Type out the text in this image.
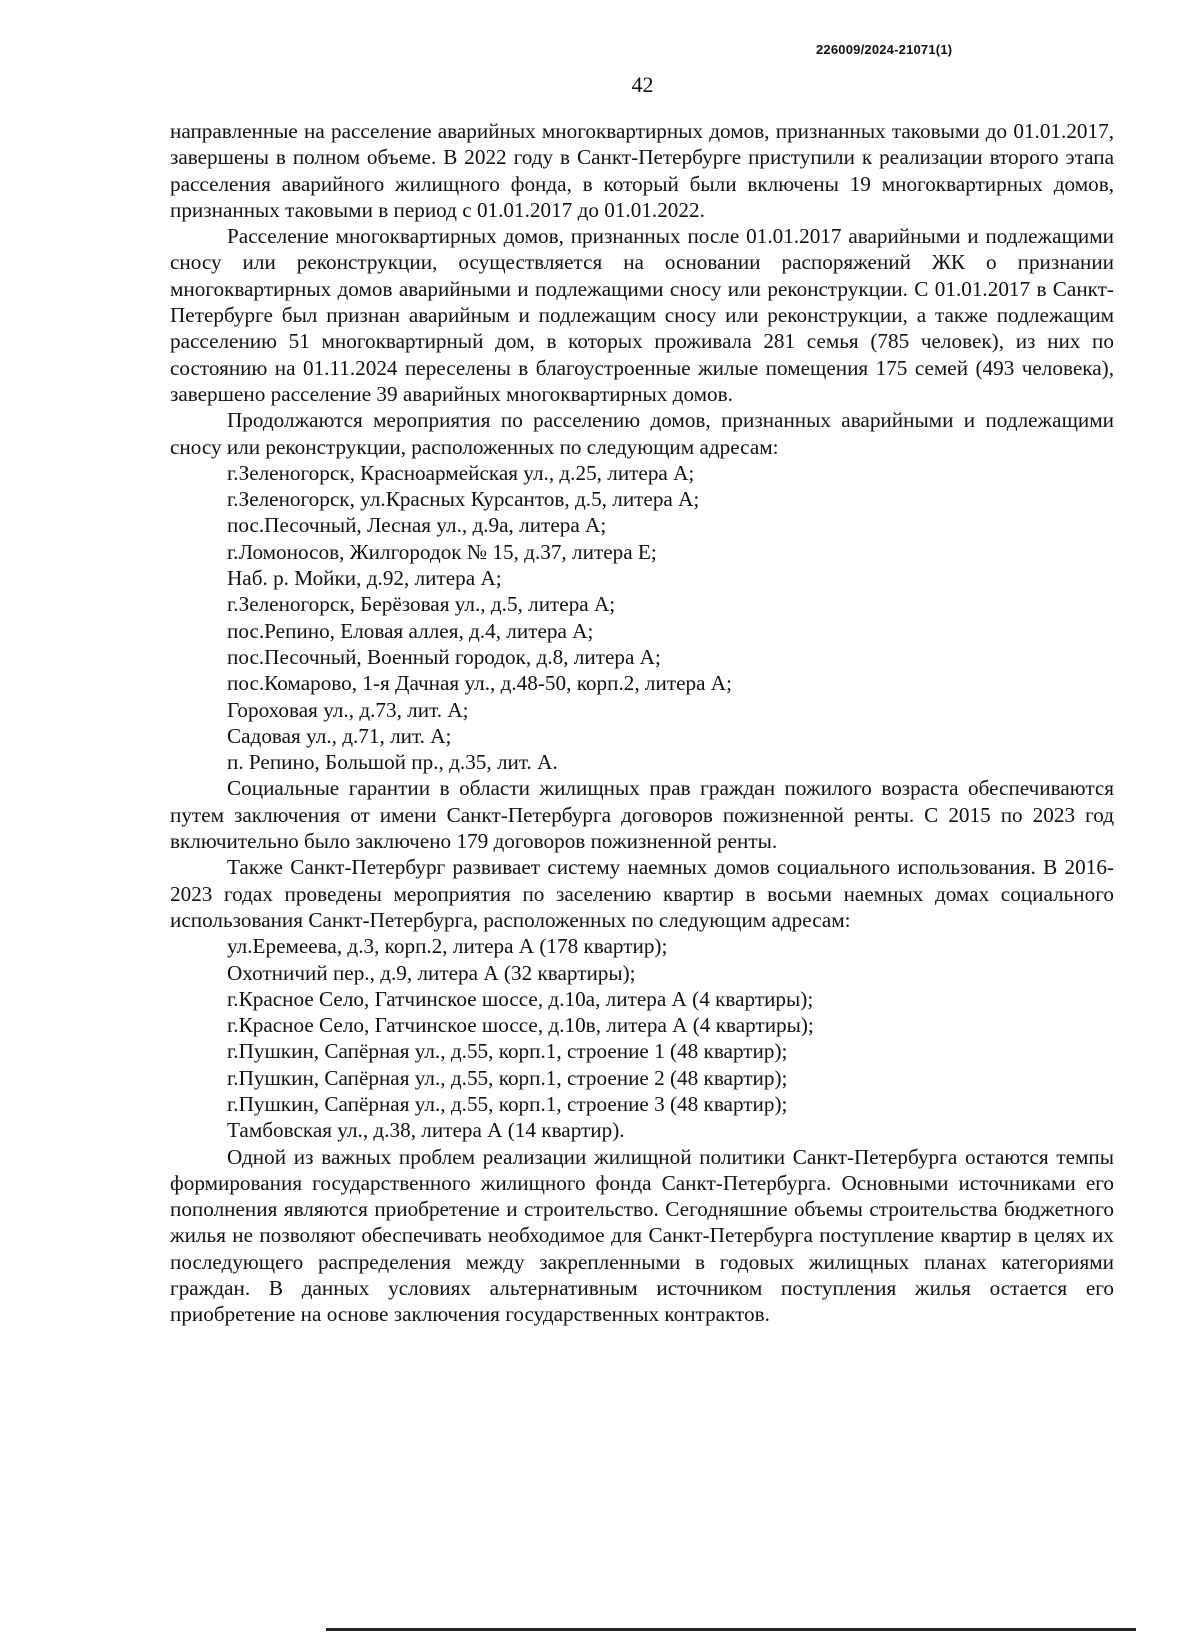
226009/2024-21071(1)
42

направленные на расселение аварийных многоквартирных домов, признанных таковыми до 01.01.2017, завершены в полном объеме. В 2022 году в Санкт-Петербурге приступили к реализации второго этапа расселения аварийного жилищного фонда, в который были включены 19 многоквартирных домов, признанных таковыми в период с 01.01.2017 до 01.01.2022.

Расселение многоквартирных домов, признанных после 01.01.2017 аварийными и подлежащими сносу или реконструкции, осуществляется на основании распоряжений ЖК о признании многоквартирных домов аварийными и подлежащими сносу или реконструкции. С 01.01.2017 в Санкт-Петербурге был признан аварийным и подлежащим сносу или реконструкции, а также подлежащим расселению 51 многоквартирный дом, в которых проживала 281 семья (785 человек), из них по состоянию на 01.11.2024 переселены в благоустроенные жилые помещения 175 семей (493 человека), завершено расселение 39 аварийных многоквартирных домов.

Продолжаются мероприятия по расселению домов, признанных аварийными и подлежащими сносу или реконструкции, расположенных по следующим адресам:

г.Зеленогорск, Красноармейская ул., д.25, литера А;
г.Зеленогорск, ул.Красных Курсантов, д.5, литера А;
пос.Песочный, Лесная ул., д.9а, литера А;
г.Ломоносов, Жилгородок № 15, д.37, литера Е;
Наб. р. Мойки, д.92, литера А;
г.Зеленогорск, Берёзовая ул., д.5, литера А;
пос.Репино, Еловая аллея, д.4, литера А;
пос.Песочный, Военный городок, д.8, литера А;
пос.Комарово, 1-я Дачная ул., д.48-50, корп.2, литера А;
Гороховая ул., д.73, лит. А;
Садовая ул., д.71, лит. А;
п. Репино, Большой пр., д.35, лит. А.

Социальные гарантии в области жилищных прав граждан пожилого возраста обеспечиваются путем заключения от имени Санкт-Петербурга договоров пожизненной ренты. С 2015 по 2023 год включительно было заключено 179 договоров пожизненной ренты.

Также Санкт-Петербург развивает систему наемных домов социального использования. В 2016-2023 годах проведены мероприятия по заселению квартир в восьми наемных домах социального использования Санкт-Петербурга, расположенных по следующим адресам:

ул.Еремеева, д.3, корп.2, литера А (178 квартир);
Охотничий пер., д.9, литера А (32 квартиры);
г.Красное Село, Гатчинское шоссе, д.10а, литера А (4 квартиры);
г.Красное Село, Гатчинское шоссе, д.10в, литера А (4 квартиры);
г.Пушкин, Сапёрная ул., д.55, корп.1, строение 1 (48 квартир);
г.Пушкин, Сапёрная ул., д.55, корп.1, строение 2 (48 квартир);
г.Пушкин, Сапёрная ул., д.55, корп.1, строение 3 (48 квартир);
Тамбовская ул., д.38, литера А (14 квартир).

Одной из важных проблем реализации жилищной политики Санкт-Петербурга остаются темпы формирования государственного жилищного фонда Санкт-Петербурга. Основными источниками его пополнения являются приобретение и строительство. Сегодняшние объемы строительства бюджетного жилья не позволяют обеспечивать необходимое для Санкт-Петербурга поступление квартир в целях их последующего распределения между закрепленными в годовых жилищных планах категориями граждан. В данных условиях альтернативным источником поступления жилья остается его приобретение на основе заключения государственных контрактов.
